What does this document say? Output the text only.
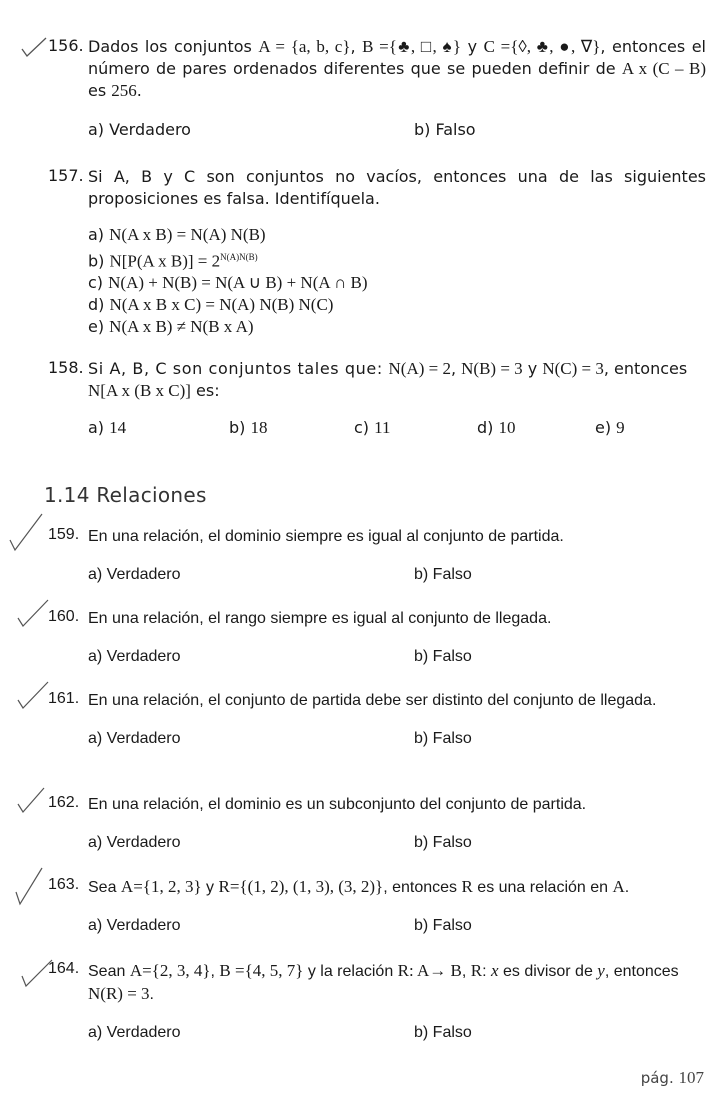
156. Dados los conjuntos A = {a, b, c}, B ={♣, □, ♠} y C ={◊, ♣, ●, ∇}, entonces el número de pares ordenados diferentes que se pueden definir de A x (C – B) es 256.
a) Verdadero	b) Falso
157. Si A, B y C son conjuntos no vacíos, entonces una de las siguientes proposiciones es falsa. Identifíquela.
a) N(A x B) = N(A) N(B)
b) N[P(A x $B)] = 2^{N(A)N(B)}$
c) N(A) + N(B) = N(A ∪ B) + N(A ∩ B)
d) N(A x B x C) = N(A) N(B) N(C)
e) N(A x B) ≠ N(B x A)
158. Si A, B, C son conjuntos tales que: N(A) = 2, N(B) = 3 y N(C) = 3, entonces N[A x (B x C)] es:
a) 14	b) 18	c) 11	d) 10	e) 9
1.14 Relaciones
159. En una relación, el dominio siempre es igual al conjunto de partida.
a) Verdadero	b) Falso
160. En una relación, el rango siempre es igual al conjunto de llegada.
a) Verdadero	b) Falso
161. En una relación, el conjunto de partida debe ser distinto del conjunto de llegada.
a) Verdadero	b) Falso
162. En una relación, el dominio es un subconjunto del conjunto de partida.
a) Verdadero	b) Falso
163. Sea A={1, 2, 3} y R={(1, 2), (1, 3), (3, 2)}, entonces R es una relación en A.
a) Verdadero	b) Falso
164. Sean A={2, 3, 4}, B ={4, 5, 7} y la relación R: A→ B, R: x es divisor de y, entonces N(R) = 3.
a) Verdadero	b) Falso
pág. 107
